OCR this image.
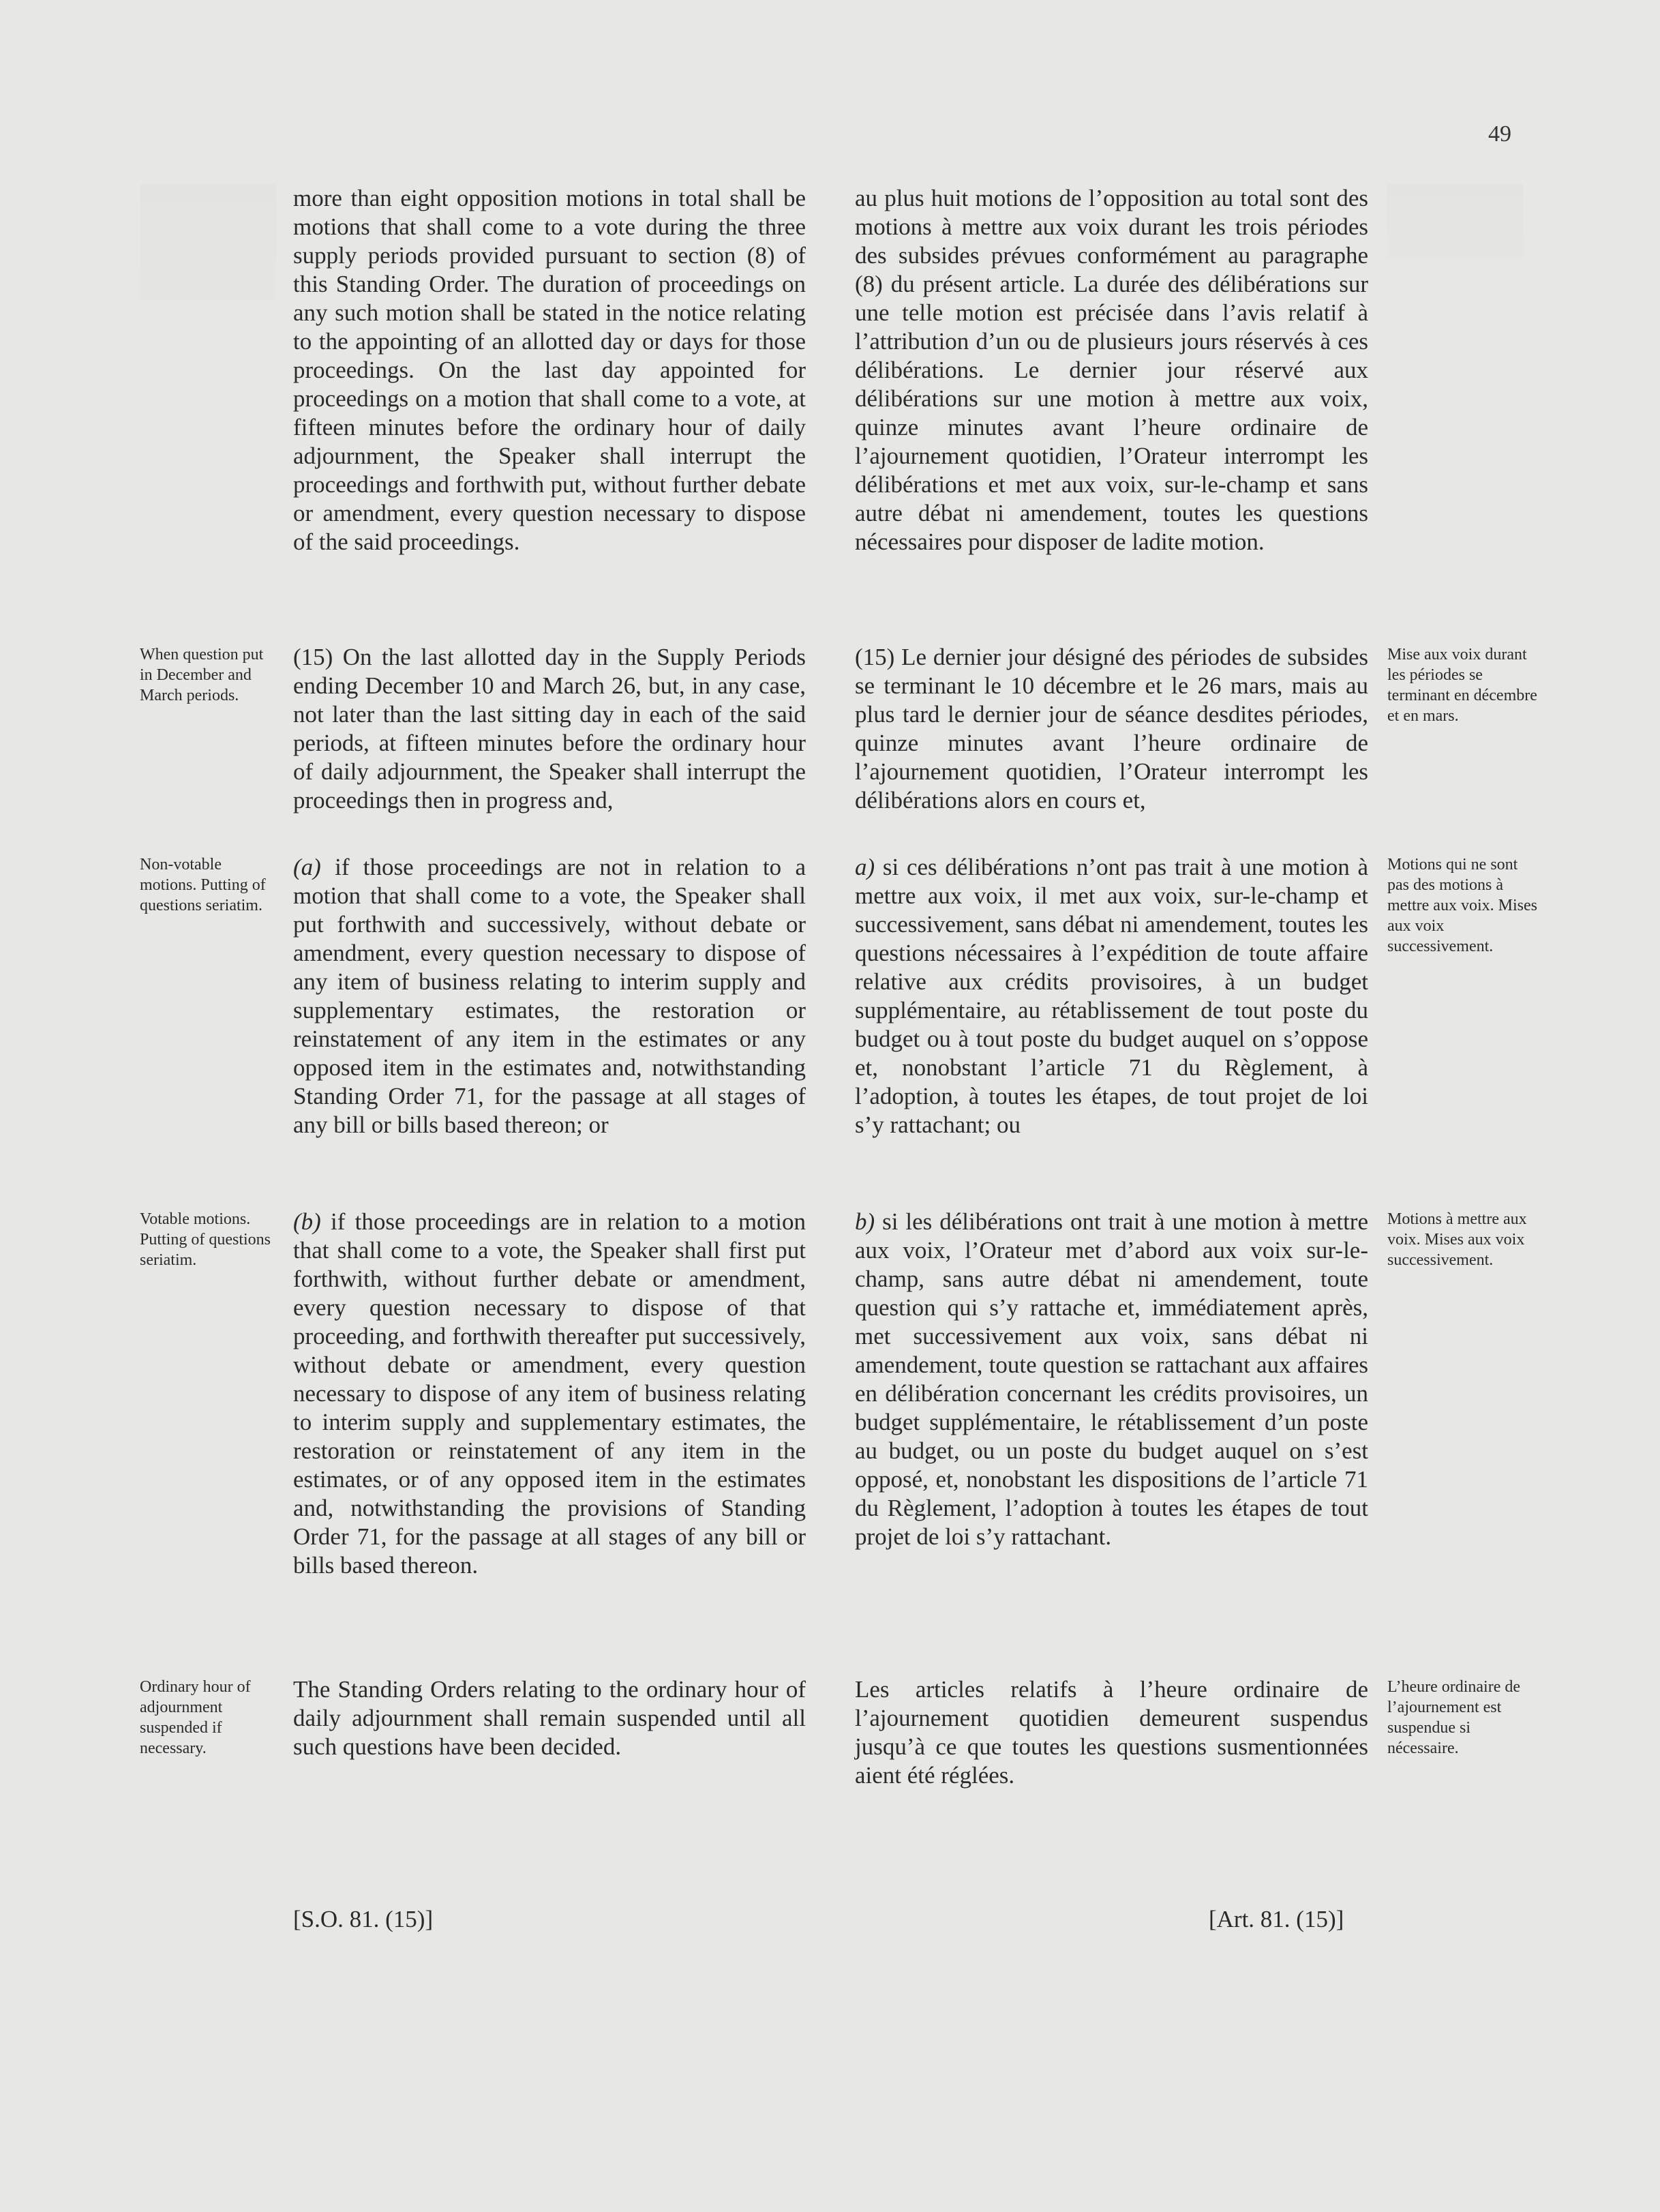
49

more than eight opposition motions in total shall be motions that shall come to a vote during the three supply periods provided pursuant to section (8) of this Standing Order. The duration of proceedings on any such motion shall be stated in the notice relating to the appointing of an allotted day or days for those proceedings. On the last day appointed for proceedings on a motion that shall come to a vote, at fifteen minutes before the ordinary hour of daily adjournment, the Speaker shall interrupt the proceedings and forthwith put, without further debate or amendment, every question necessary to dispose of the said proceedings.

(15) On the last allotted day in the Supply Periods ending December 10 and March 26, but, in any case, not later than the last sitting day in each of the said periods, at fifteen minutes before the ordinary hour of daily adjournment, the Speaker shall interrupt the proceedings then in progress and,

(a) if those proceedings are not in relation to a motion that shall come to a vote, the Speaker shall put forthwith and successively, without debate or amendment, every question necessary to dispose of any item of business relating to interim supply and supplementary estimates, the restoration or reinstatement of any item in the estimates or any opposed item in the estimates and, notwithstanding Standing Order 71, for the passage at all stages of any bill or bills based thereon; or

(b) if those proceedings are in relation to a motion that shall come to a vote, the Speaker shall first put forthwith, without further debate or amendment, every question necessary to dispose of that proceeding, and forthwith thereafter put successively, without debate or amendment, every question necessary to dispose of any item of business relating to interim supply and supplementary estimates, the restoration or reinstatement of any item in the estimates, or of any opposed item in the estimates and, notwithstanding the provisions of Standing Order 71, for the passage at all stages of any bill or bills based thereon.

The Standing Orders relating to the ordinary hour of daily adjournment shall remain suspended until all such questions have been decided.

au plus huit motions de l’opposition au total sont des motions à mettre aux voix durant les trois périodes des subsides prévues conformément au paragraphe (8) du présent article. La durée des délibérations sur une telle motion est précisée dans l’avis relatif à l’attribution d’un ou de plusieurs jours réservés à ces délibérations. Le dernier jour réservé aux délibérations sur une motion à mettre aux voix, quinze minutes avant l’heure ordinaire de l’ajournement quotidien, l’Orateur interrompt les délibérations et met aux voix, sur-le-champ et sans autre débat ni amendement, toutes les questions nécessaires pour disposer de ladite motion.

(15) Le dernier jour désigné des périodes de subsides se terminant le 10 décembre et le 26 mars, mais au plus tard le dernier jour de séance desdites périodes, quinze minutes avant l’heure ordinaire de l’ajournement quotidien, l’Orateur interrompt les délibérations alors en cours et,

a) si ces délibérations n’ont pas trait à une motion à mettre aux voix, il met aux voix, sur-le-champ et successivement, sans débat ni amendement, toutes les questions nécessaires à l’expédition de toute affaire relative aux crédits provisoires, à un budget supplémentaire, au rétablissement de tout poste du budget ou à tout poste du budget auquel on s’oppose et, nonobstant l’article 71 du Règlement, à l’adoption, à toutes les étapes, de tout projet de loi s’y rattachant; ou

b) si les délibérations ont trait à une motion à mettre aux voix, l’Orateur met d’abord aux voix sur-le-champ, sans autre débat ni amendement, toute question qui s’y rattache et, immédiatement après, met successivement aux voix, sans débat ni amendement, toute question se rattachant aux affaires en délibération concernant les crédits provisoires, un budget supplémentaire, le rétablissement d’un poste au budget, ou un poste du budget auquel on s’est opposé, et, nonobstant les dispositions de l’article 71 du Règlement, l’adoption à toutes les étapes de tout projet de loi s’y rattachant.

Les articles relatifs à l’heure ordinaire de l’ajournement quotidien demeurent suspendus jusqu’à ce que toutes les questions susmentionnées aient été réglées.

When question put in December and March periods.
Non-votable motions. Putting of questions seriatim.
Votable motions. Putting of questions seriatim.
Ordinary hour of adjournment suspended if necessary.
Mise aux voix durant les périodes se terminant en décembre et en mars.
Motions qui ne sont pas des motions à mettre aux voix. Mises aux voix successivement.
Motions à mettre aux voix. Mises aux voix successivement.
L’heure ordinaire de l’ajournement est suspendue si nécessaire.
[S.O. 81. (15)]	[Art. 81. (15)]
